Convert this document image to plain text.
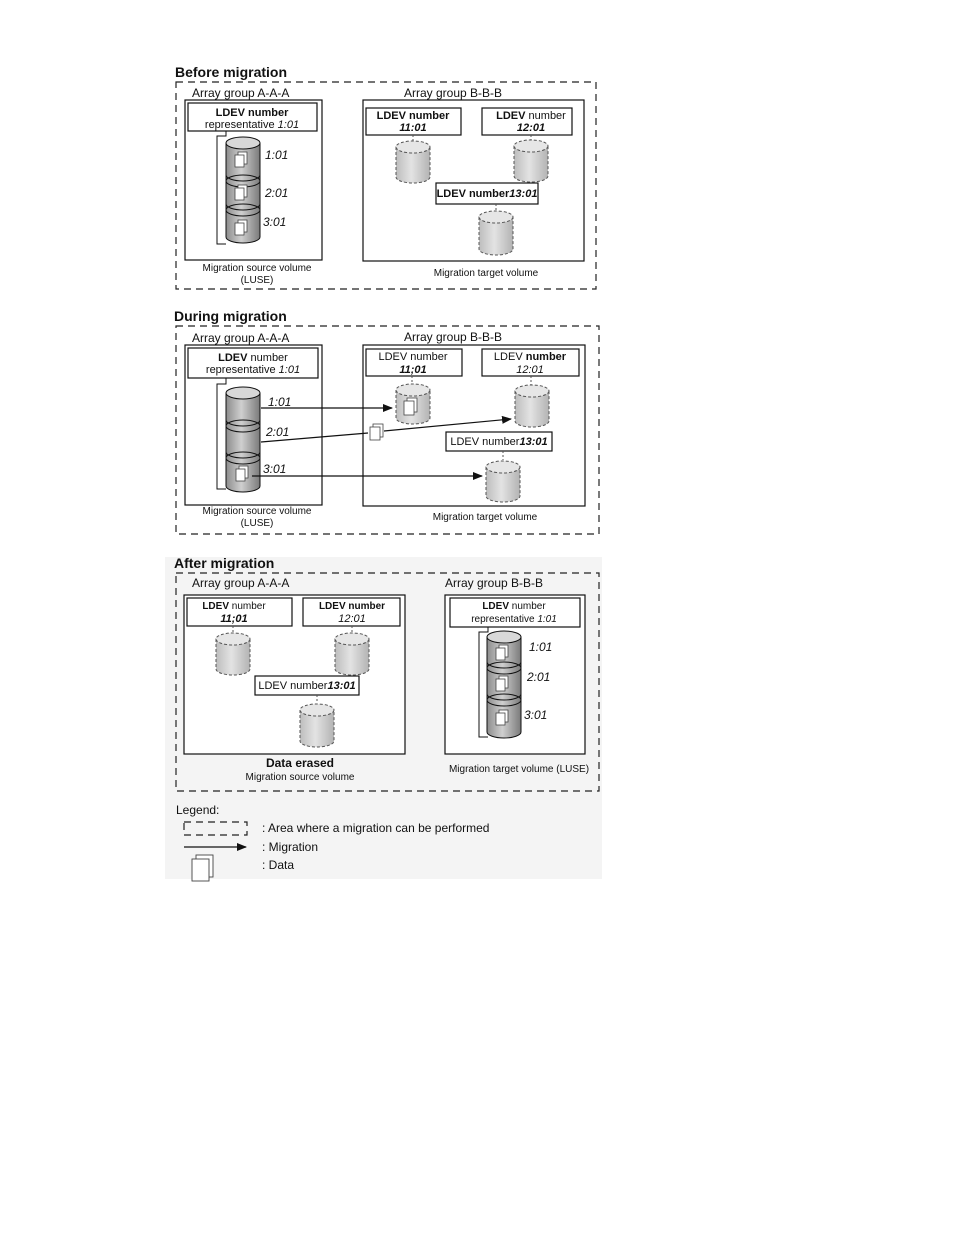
Before migration
Array group A-A-A	Array group B-B-B
LDEV number
representative 1:01
1:01
2:01
3:01
Migration source volume
(LUSE)
LDEV number
11:01
LDEV number
12:01
LDEV number13:01
Migration target volume
During migration
Array group A-A-A	Array group B-B-B
LDEV number
representative 1:01
1:01
2:01
3:01
Migration source volume
(LUSE)
LDEV number
11;01
LDEV number
12:01
LDEV number13:01
Migration target volume
After migration
Array group A-A-A	Array group B-B-B
LDEV number
11;01
LDEV number
12:01
LDEV number13:01
Data erased
Migration source volume
LDEV number
representative 1:01
1:01
2:01
3:01
Migration target volume (LUSE)
Legend:
: Area where a migration can be performed
: Migration
: Data
